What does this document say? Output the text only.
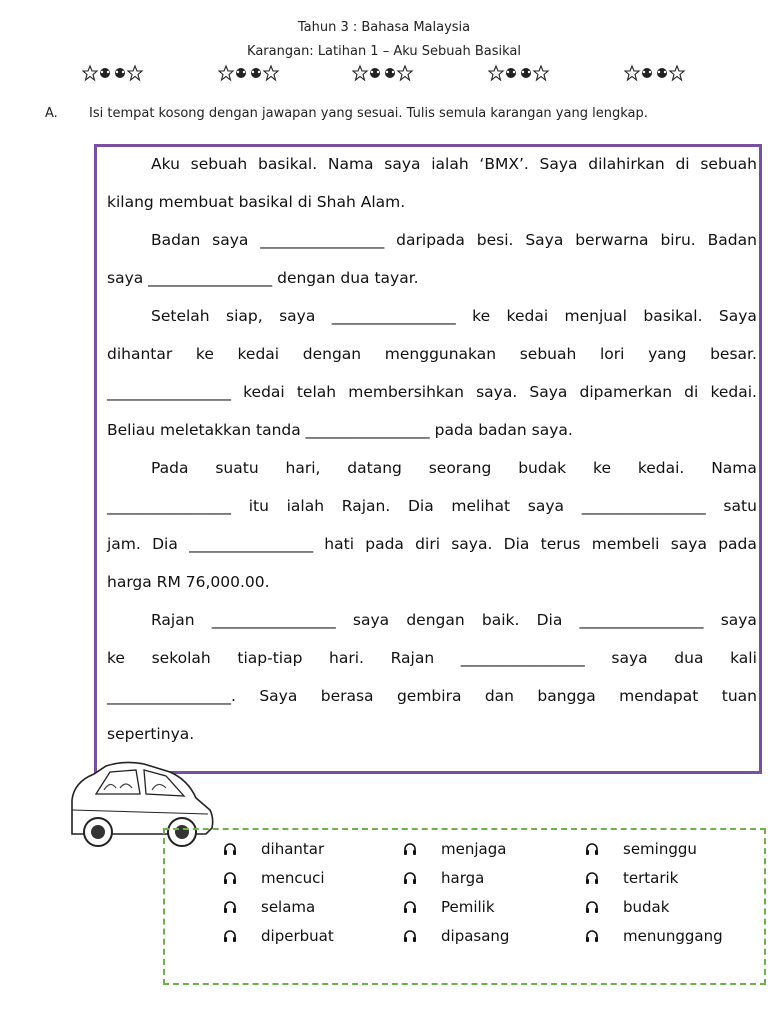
Tahun 3 : Bahasa Malaysia
Karangan: Latihan 1 – Aku Sebuah Basikal
A. Isi tempat kosong dengan jawapan yang sesuai. Tulis semula karangan yang lengkap.
Aku sebuah basikal. Nama saya ialah ‘BMX’. Saya dilahirkan di sebuah
kilang membuat basikal di Shah Alam.
Badan saya ________________ daripada besi. Saya berwarna biru. Badan
saya ________________ dengan dua tayar.
Setelah siap, saya ________________ ke kedai menjual basikal. Saya
dihantar ke kedai dengan menggunakan sebuah lori yang besar.
________________ kedai telah membersihkan saya. Saya dipamerkan di kedai.
Beliau meletakkan tanda ________________ pada badan saya.
Pada suatu hari, datang seorang budak ke kedai. Nama
________________ itu ialah Rajan. Dia melihat saya ________________ satu
jam. Dia ________________ hati pada diri saya. Dia terus membeli saya pada
harga RM 76,000.00.
Rajan ________________ saya dengan baik. Dia ________________ saya
ke sekolah tiap-tiap hari. Rajan ________________ saya dua kali
________________. Saya berasa gembira dan bangga mendapat tuan
sepertinya.
dihantar
mencuci
selama
diperbuat
menjaga
harga
Pemilik
dipasang
seminggu
tertarik
budak
menunggang
